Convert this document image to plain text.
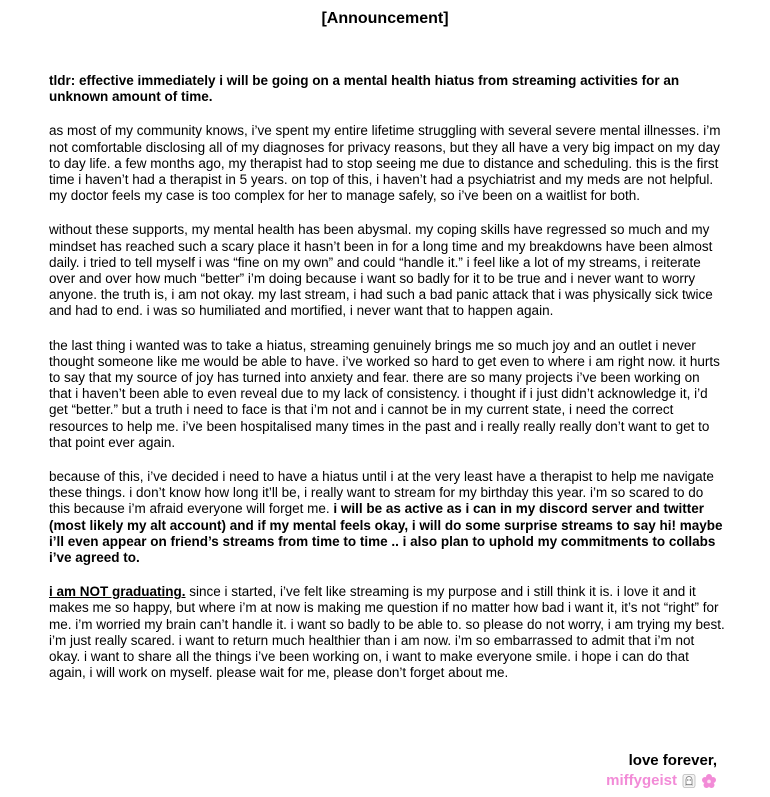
[Announcement]

tldr: effective immediately i will be going on a mental health hiatus from streaming activities for an unknown amount of time.

as most of my community knows, i’ve spent my entire lifetime struggling with several severe mental illnesses. i’m not comfortable disclosing all of my diagnoses for privacy reasons, but they all have a very big impact on my day to day life. a few months ago, my therapist had to stop seeing me due to distance and scheduling. this is the first time i haven’t had a therapist in 5 years. on top of this, i haven’t had a psychiatrist and my meds are not helpful. my doctor feels my case is too complex for her to manage safely, so i’ve been on a waitlist for both.

without these supports, my mental health has been abysmal. my coping skills have regressed so much and my mindset has reached such a scary place it hasn’t been in for a long time and my breakdowns have been almost daily. i tried to tell myself i was “fine on my own” and could “handle it.” i feel like a lot of my streams, i reiterate over and over how much “better” i’m doing because i want so badly for it to be true and i never want to worry anyone. the truth is, i am not okay. my last stream, i had such a bad panic attack that i was physically sick twice and had to end. i was so humiliated and mortified, i never want that to happen again.

the last thing i wanted was to take a hiatus, streaming genuinely brings me so much joy and an outlet i never thought someone like me would be able to have. i’ve worked so hard to get even to where i am right now. it hurts to say that my source of joy has turned into anxiety and fear. there are so many projects i’ve been working on that i haven’t been able to even reveal due to my lack of consistency. i thought if i just didn’t acknowledge it, i’d get “better.” but a truth i need to face is that i’m not and i cannot be in my current state, i need the correct resources to help me. i’ve been hospitalised many times in the past and i really really really don’t want to get to that point ever again.

because of this, i’ve decided i need to have a hiatus until i at the very least have a therapist to help me navigate these things. i don’t know how long it’ll be, i really want to stream for my birthday this year. i’m so scared to do this because i’m afraid everyone will forget me. i will be as active as i can in my discord server and twitter (most likely my alt account) and if my mental feels okay, i will do some surprise streams to say hi! maybe i’ll even appear on friend’s streams from time to time .. i also plan to uphold my commitments to collabs i’ve agreed to.

i am NOT graduating. since i started, i’ve felt like streaming is my purpose and i still think it is. i love it and it makes me so happy, but where i’m at now is making me question if no matter how bad i want it, it’s not “right” for me. i’m worried my brain can’t handle it. i want so badly to be able to. so please do not worry, i am trying my best. i’m just really scared. i want to return much healthier than i am now. i’m so embarrassed to admit that i’m not okay. i want to share all the things i’ve been working on, i want to make everyone smile. i hope i can do that again, i will work on myself. please wait for me, please don’t forget about me.

love forever,
miffygeist
